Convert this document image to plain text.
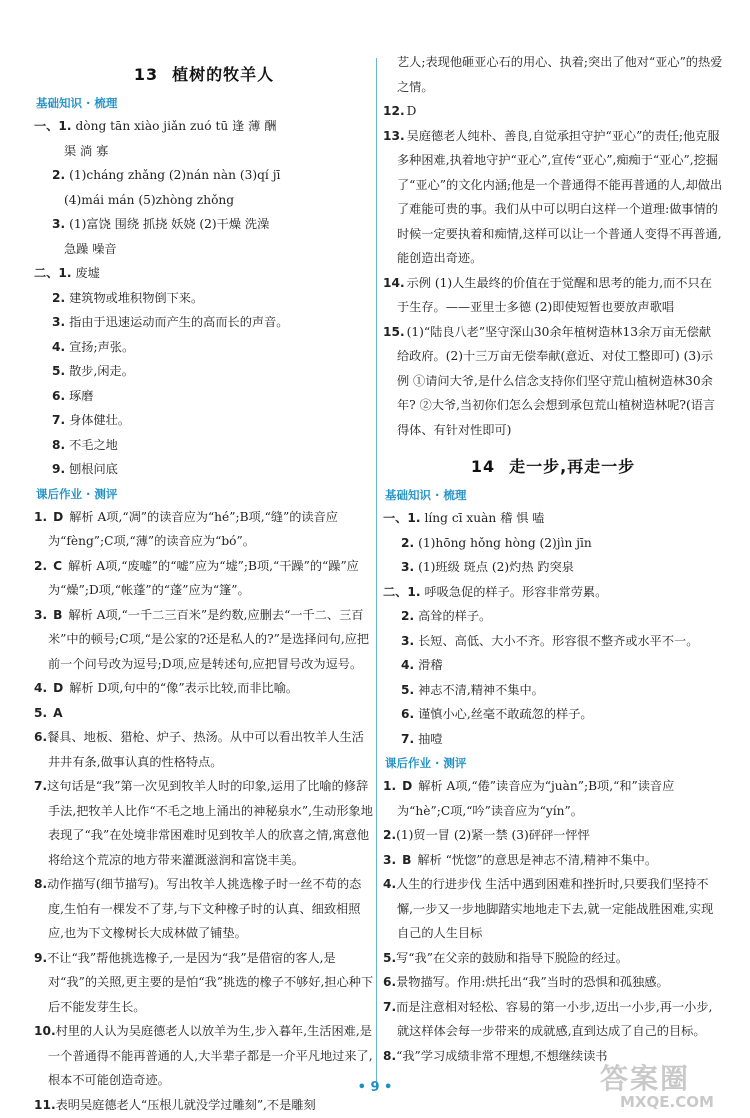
13 植树的牧羊人
基础知识 · 梳理
一、1. dòng tān xiào jiǎn zuó tū 逢 薄 酬
渠 淌 寡
2. (1)cháng zhǎng (2)nán nàn (3)qí jī
(4)mái mán (5)zhòng zhǒng
3. (1)富饶 围绕 抓挠 妖娆 (2)干燥 洗澡
急躁 噪音
二、1. 废墟
2. 建筑物或堆积物倒下来。
3. 指由于迅速运动而产生的高而长的声音。
4. 宣扬;声张。
5. 散步,闲走。
6. 琢磨
7. 身体健壮。
8. 不毛之地
9. 刨根问底
课后作业 · 测评
1. D 解析 A项,“凋”的读音应为“hé”;B项,“缝”的读音应为“fèng”;C项,“薄”的读音应为“bó”。
2. C 解析 A项,“废嘘”的“嘘”应为“墟”;B项,“干躁”的“躁”应为“燥”;D项,“帐蓬”的“蓬”应为“篷”。
3. B 解析 A项,“一千二三百米”是约数,应删去“一千二、三百米”中的顿号;C项,“是公家的?还是私人的?”是选择问句,应把前一个问号改为逗号;D项,应是转述句,应把冒号改为逗号。
4. D 解析 D项,句中的“像”表示比较,而非比喻。
5. A
6.餐具、地板、猎枪、炉子、热汤。从中可以看出牧羊人生活井井有条,做事认真的性格特点。
7.这句话是“我”第一次见到牧羊人时的印象,运用了比喻的修辞手法,把牧羊人比作“不毛之地上涌出的神秘泉水”,生动形象地表现了“我”在处境非常困难时见到牧羊人的欣喜之情,寓意他将给这个荒凉的地方带来灌溉滋润和富饶丰美。
8.动作描写(细节描写)。写出牧羊人挑选橡子时一丝不苟的态度,生怕有一棵发不了芽,与下文种橡子时的认真、细致相照应,也为下文橡树长大成林做了铺垫。
9.不让“我”帮他挑选橡子,一是因为“我”是借宿的客人,是对“我”的关照,更主要的是怕“我”挑选的橡子不够好,担心种下后不能发芽生长。
10.村里的人认为吴庭德老人以放羊为生,步入暮年,生活困难,是一个普通得不能再普通的人,大半辈子都是一介平凡地过来了,根本不可能创造奇迹。
11.表明吴庭德老人“压根儿就没学过雕刻”,不是雕刻
艺人;表现他砸亚心石的用心、执着;突出了他对“亚心”的热爱之情。
12. D
13. 吴庭德老人纯朴、善良,自觉承担守护“亚心”的责任;他克服多种困难,执着地守护“亚心”,宣传“亚心”,痴痴于“亚心”,挖掘了“亚心”的文化内涵;他是一个普通得不能再普通的人,却做出了难能可贵的事。我们从中可以明白这样一个道理:做事情的时候一定要执着和痴情,这样可以让一个普通人变得不再普通,能创造出奇迹。
14. 示例 (1)人生最终的价值在于觉醒和思考的能力,而不只在于生存。——亚里士多德 (2)即使短暂也要放声歌唱
15. (1)“陆良八老”坚守深山30余年植树造林13余万亩无偿献给政府。(2)十三万亩无偿奉献(意近、对仗工整即可) (3)示例 ①请问大爷,是什么信念支持你们坚守荒山植树造林30余年? ②大爷,当初你们怎么会想到承包荒山植树造林呢?(语言得体、有针对性即可)
14 走一步,再走一步
基础知识 · 梳理
一、1. líng cī xuàn 稽 惧 嗑
2. (1)hōng hǒng hòng (2)jìn jīn
3. (1)班级 斑点 (2)灼热 趵突泉
二、1. 呼吸急促的样子。形容非常劳累。
2. 高耸的样子。
3. 长短、高低、大小不齐。形容很不整齐或水平不一。
4. 滑稽
5. 神志不清,精神不集中。
6. 谨慎小心,丝毫不敢疏忽的样子。
7. 抽噎
课后作业 · 测评
1. D 解析 A项,“倦”读音应为“juàn”;B项,“和”读音应为“hè”;C项,“吟”读音应为“yín”。
2.(1)贸一冒 (2)紧一禁 (3)砰砰一怦怦
3. B 解析 “恍惚”的意思是神志不清,精神不集中。
4.人生的行进步伐 生活中遇到困难和挫折时,只要我们坚持不懈,一步又一步地脚踏实地地走下去,就一定能战胜困难,实现自己的人生目标
5.写“我”在父亲的鼓励和指导下脱险的经过。
6.景物描写。作用:烘托出“我”当时的恐惧和孤独感。
7.而是注意相对轻松、容易的第一小步,迈出一小步,再一小步,就这样体会每一步带来的成就感,直到达成了自己的目标。
8.“我”学习成绩非常不理想,不想继续读书
• 9 •	答案圈
MXQE.COM
